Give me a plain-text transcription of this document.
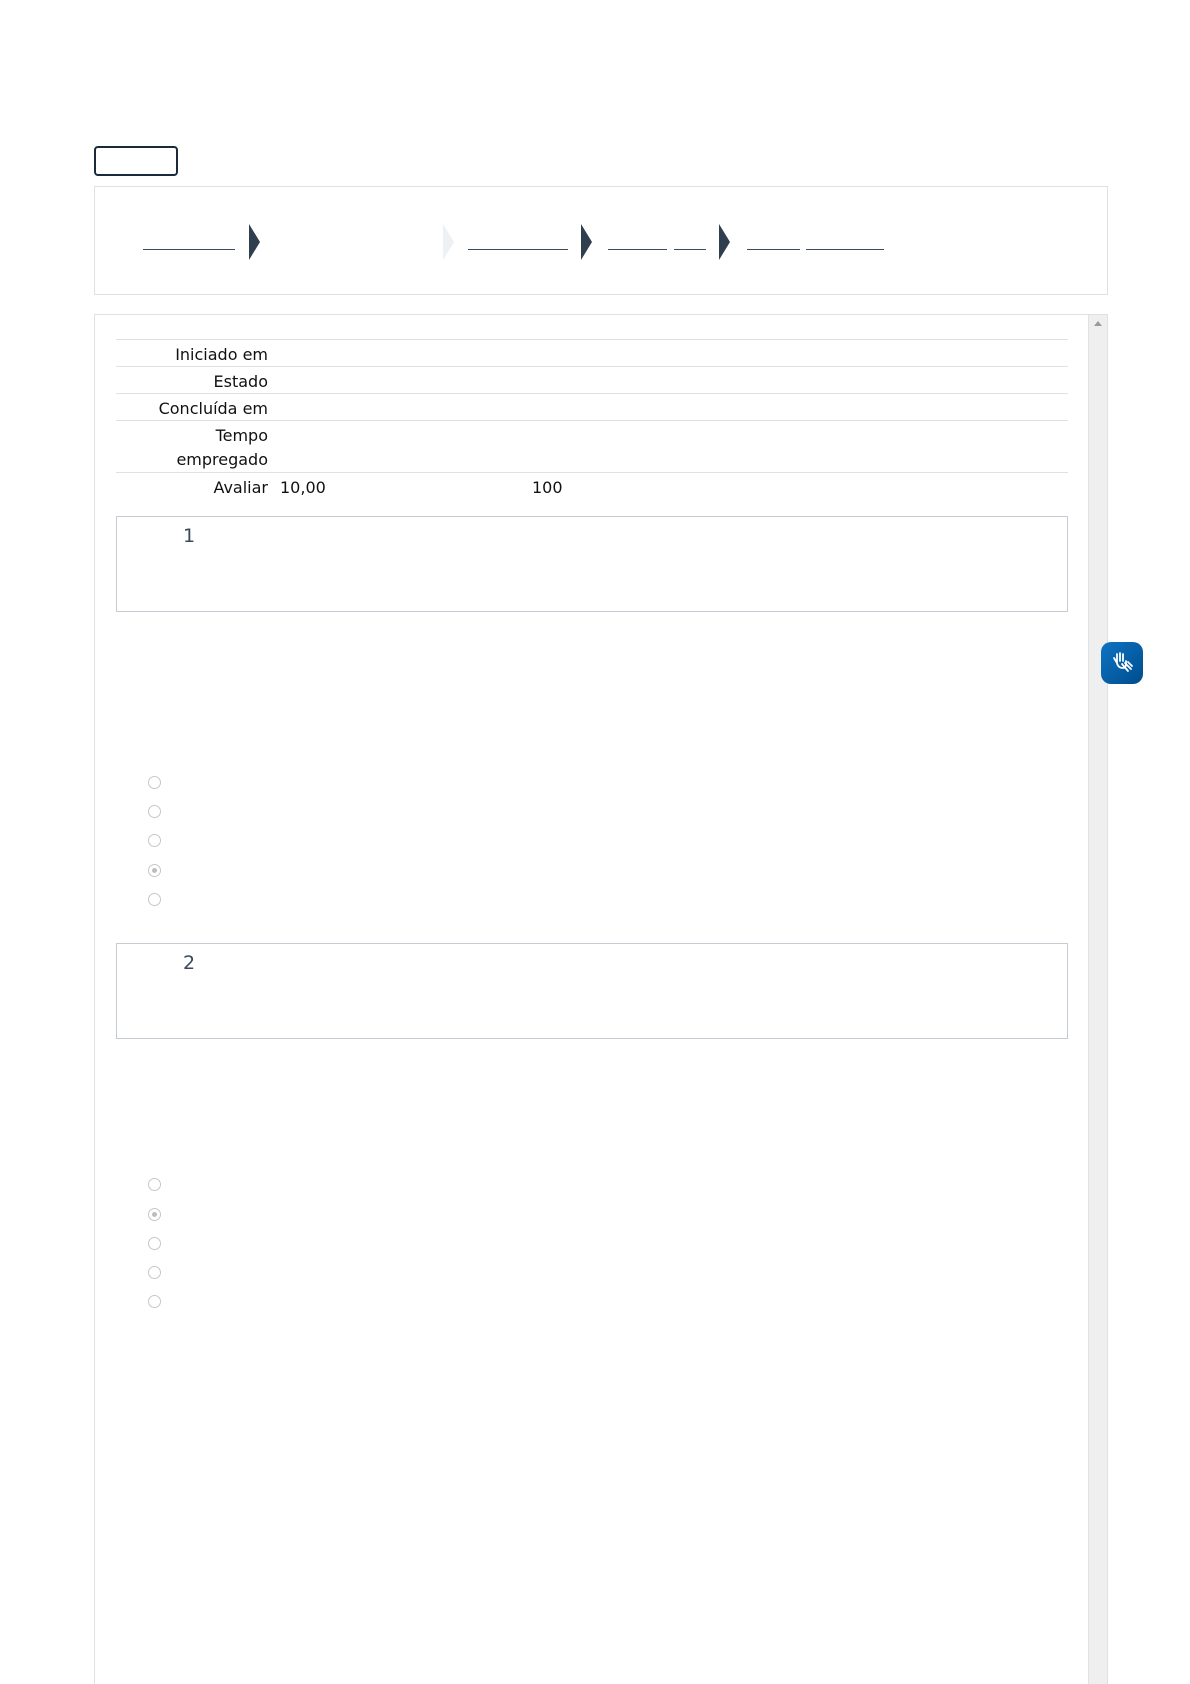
Iniciado em
Estado
Concluída em
Tempo empregado
Avaliar 10,00	100
1
2
